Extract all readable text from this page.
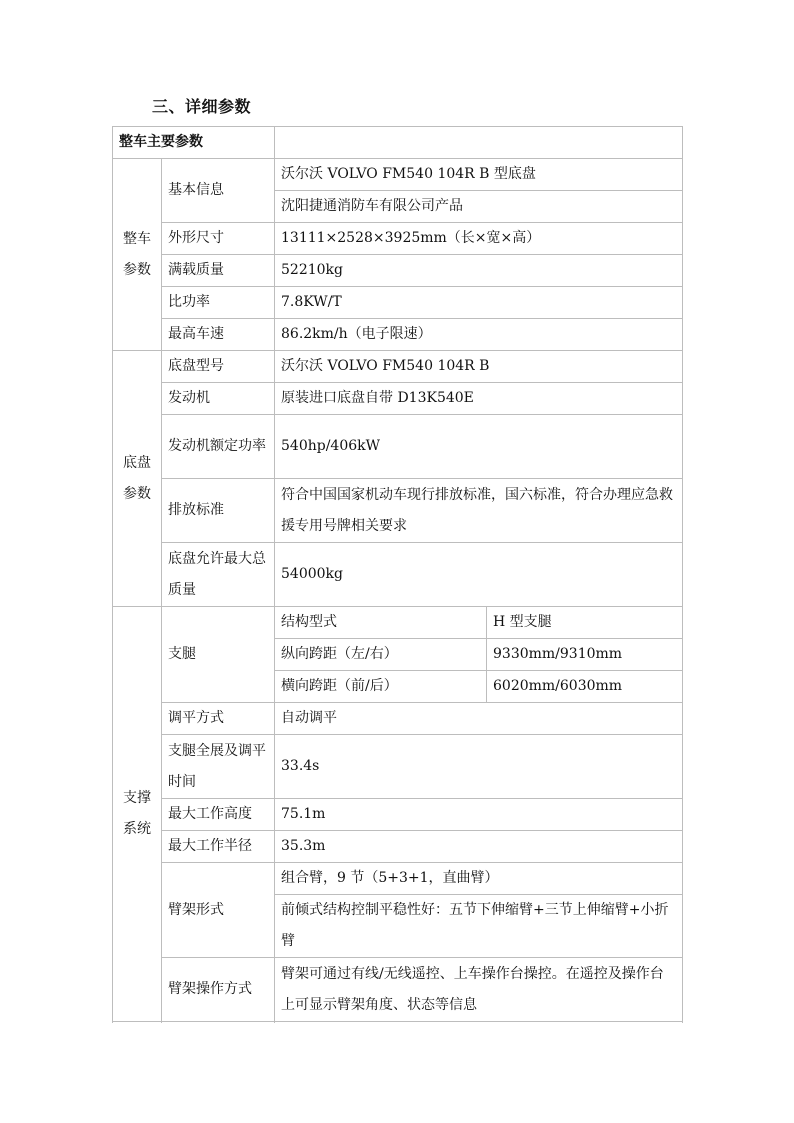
三、详细参数
整车主要参数			

整车
参数	基本信息	沃尔沃 VOLVO FM540 104R B 型底盘	
		沈阳捷通消防车有限公司产品	
	外形尺寸	13111×2528×3925mm（长×宽×高）	
	满载质量	52210kg	
	比功率	7.8KW/T	
	最高车速	86.2km/h（电子限速）	

底盘
参数	底盘型号	沃尔沃 VOLVO FM540 104R B	
	发动机	原装进口底盘自带 D13K540E	
	发动机额定功率	540hp/406kW	
	排放标准	符合中国国家机动车现行排放标准，国六标准，符合办理应急救援专用号牌相关要求	
	底盘允许最大总质量	54000kg	

支撑
系统	支腿	结构型式	H 型支腿
		纵向跨距（左/右）	9330mm/9310mm
		横向跨距（前/后）	6020mm/6030mm
	调平方式	自动调平	
	支腿全展及调平时间	33.4s	
	最大工作高度	75.1m	
	最大工作半径	35.3m	
	臂架形式	组合臂，9 节（5+3+1，直曲臂）	
		前倾式结构控制平稳性好：五节下伸缩臂+三节上伸缩臂+小折臂	
	臂架操作方式	臂架可通过有线/无线遥控、上车操作台操控。在遥控及操作台上可显示臂架角度、状态等信息	
